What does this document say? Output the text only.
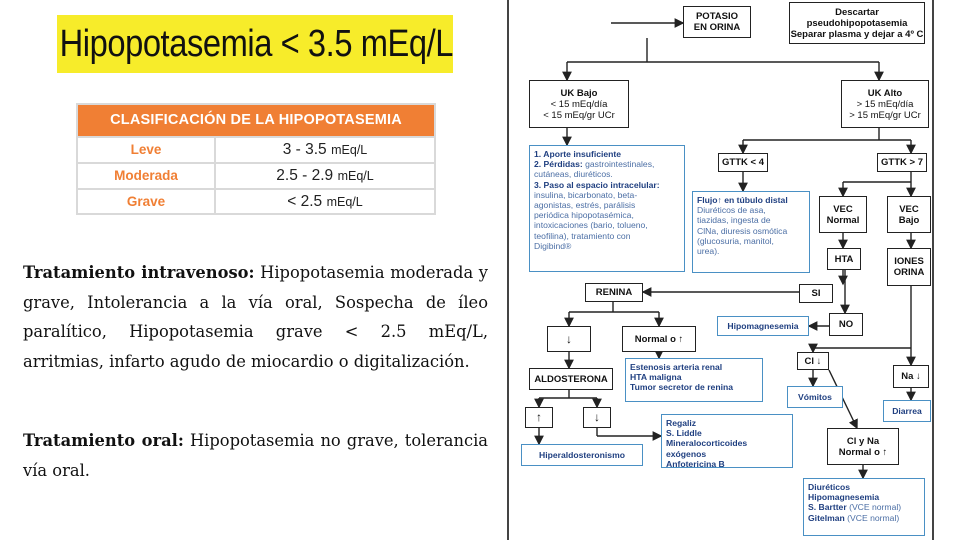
Hipopotasemia < 3.5 mEq/L
CLASIFICACIÓN DE LA HIPOPOTASEMIA
Leve	3 - 3.5 mEq/L
Moderada	2.5 - 2.9 mEq/L
Grave	< 2.5 mEq/L
Tratamiento intravenoso: Hipopotasemia moderada y grave, Intolerancia a la vía oral, Sospecha de íleo paralítico, Hipopotasemia grave < 2.5 mEq/L, arritmias, infarto agudo de miocardio o digitalización.
Tratamiento oral: Hipopotasemia no grave, tolerancia vía oral.
POTASIO
EN ORINA
Descartar
pseudohipopotasemia
Separar plasma y dejar a 4º C
UK Bajo
< 15 mEq/día
< 15 mEq/gr UCr
UK Alto
> 15 mEq/día
> 15 mEq/gr UCr
1. Aporte insuficiente
2. Pérdidas: gastrointestinales,
cutáneas, diuréticos.
3. Paso al espacio intracelular:
insulina, bicarbonato, beta-
agonistas, estrés, parálisis
periódica hipopotasémica,
intoxicaciones (bario, tolueno,
teofilina), tratamiento con
Digibind®
GTTK < 4	GTTK > 7
Flujo↑ en túbulo distal
Diuréticos de asa,
tiazidas, ingesta de
ClNa, diuresis osmótica
(glucosuria, manitol,
urea).
VEC
Normal
VEC
Bajo
HTA	IONES
ORINA
RENINA	SI
Hipomagnesemia	NO
↓	Normal o ↑
Estenosis arteria renal
HTA maligna
Tumor secretor de renina
Cl ↓
Na ↓
ALDOSTERONA
Vómitos
Diarrea
↑	↓	Regaliz
S. Liddle
Mineralocorticoides exógenos
Anfotericina B
Cl y Na
Normal o ↑
Hiperaldosteronismo
Diuréticos
Hipomagnesemia
S. Bartter (VCE normal)
Gitelman (VCE normal)
